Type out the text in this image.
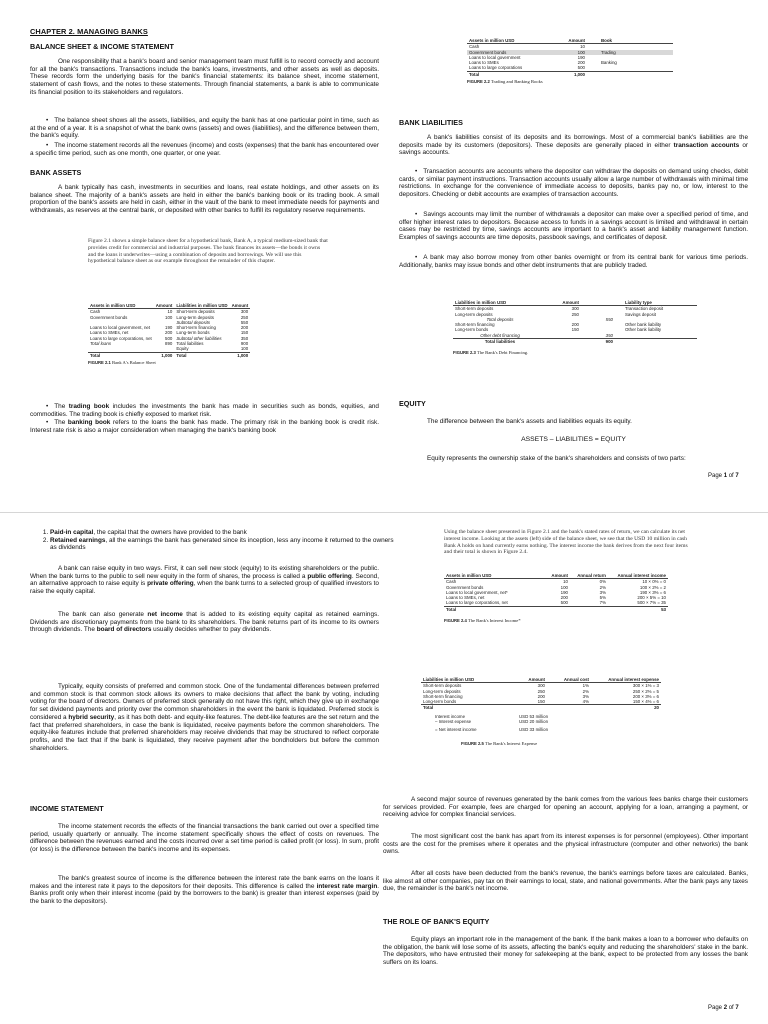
CHAPTER 2. MANAGING BANKS
BALANCE SHEET & INCOME STATEMENT

One responsibility that a bank's board and senior management team must fulfill is to record correctly and account for all the bank's transactions. Transactions include the bank's loans, investments, and other assets as well as deposits. These records form the underlying basis for the bank's financial statements: its balance sheet, income statement, statement of cash flows, and the notes to these statements. Through financial statements, a bank is able to communicate its financial position to its stakeholders and regulators.

• The balance sheet shows all the assets, liabilities, and equity the bank has at one particular point in time, such as at the end of a year. It is a snapshot of what the bank owns (assets) and owes (liabilities), and the difference between them, the bank's equity.

• The income statement records all the revenues (income) and costs (expenses) that the bank has encountered over a specific time period, such as one month, one quarter, or one year.

BANK ASSETS

A bank typically has cash, investments in securities and loans, real estate holdings, and other assets on its balance sheet. The majority of a bank's assets are held in either the bank's banking book or its trading book. A small proportion of the bank's assets are held in cash, either in the vault of the bank to meet immediate needs for payments and withdrawals, as reserves at the central bank, or deposited with other banks to fulfill its regulatory reserve requirements.

Figure 2.1 shows a simple balance sheet for a hypothetical bank, Bank A, a typical medium-sized bank that provides credit for commercial and industrial purposes. The bank finances its assets—the bonds it owns and the loans it underwrites—using a combination of deposits and borrowings. We will use this hypothetical balance sheet as our example throughout the remainder of this chapter.

Assets in million USD	Amount	Liabilities in million USD	Amount
Cash	10	Short-term deposits	300
Government bonds	100	Long-term deposits	250
		Subtotal deposits	550
Loans to local government, net	190	Short-term financing	200
Loans to SMEs, net	200	Long-term bonds	150
Loans to large corporations, net	500	Subtotal other liabilities	350
Total loans	890	Total liabilities	900
		Equity	100
Total	1,000	Total	1,000
FIGURE 2.1 Bank A's Balance Sheet

• The trading book includes the investments the bank has made in securities such as bonds, equities, and commodities. The trading book is chiefly exposed to market risk.

• The banking book refers to the loans the bank has made. The primary risk in the banking book is credit risk. Interest rate risk is also a major consideration when managing the bank's banking book

Assets in million USD	Amount	Book
Cash	10	
Government bonds	100	Trading
Loans to local government	190	
Loans to SMEs	200	Banking
Loans to large corporations	500	
Total	1,000	
FIGURE 2.2 Trading and Banking Books
BANK LIABILITIES

A bank's liabilities consist of its deposits and its borrowings. Most of a commercial bank's liabilities are the deposits made by its customers (depositors). These deposits are generally placed in either transaction accounts or savings accounts.

• Transaction accounts are accounts where the depositor can withdraw the deposits on demand using checks, debit cards, or similar payment instructions. Transaction accounts usually allow a large number of withdrawals with minimal time restrictions. In exchange for the convenience of immediate access to deposits, banks pay no, or low, interest to the depositors. Checking or debit accounts are examples of transaction accounts.

• Savings accounts may limit the number of withdrawals a depositor can make over a specified period of time, and offer higher interest rates to depositors. Because access to funds in a savings account is limited and withdrawal in certain cases may be restricted by time, savings accounts are important to a bank's asset and liability management function. Examples of savings accounts are time deposits, passbook savings, and certificates of deposit.

• A bank may also borrow money from other banks overnight or from its central bank for various time periods. Additionally, banks may issue bonds and other debt instruments that are publicly traded.

Liabilities in million USD	Amount		Liability type
Short-term deposits	300		Transaction deposit
Long-term deposits	250		Savings deposit
Total deposits		550	
Short-term financing	200		Other bank liability
Long-term bonds	150		Other bank liability
Other debt financing		350	
Total liabilities		900	
FIGURE 2.3 The Bank's Debt Financing.
EQUITY

The difference between the bank's assets and liabilities equals its equity.

ASSETS – LIABILITIES = EQUITY

Equity represents the ownership stake of the bank's shareholders and consists of two parts:

Page 1 of 7
1. Paid-in capital, the capital that the owners have provided to the bank
2. Retained earnings, all the earnings the bank has generated since its inception, less any income it returned to the owners as dividends

A bank can raise equity in two ways. First, it can sell new stock (equity) to its existing shareholders or the public. When the bank turns to the public to sell new equity in the form of shares, the process is called a public offering. Second, an alternative approach to raise equity is private offering, when the bank turns to a selected group of qualified investors to raise the equity capital.

The bank can also generate net income that is added to its existing equity capital as retained earnings. Dividends are discretionary payments from the bank to its shareholders. The bank returns part of its income to its owners through dividends. The board of directors usually decides whether to pay dividends.

Typically, equity consists of preferred and common stock. One of the fundamental differences between preferred and common stock is that common stock allows its owners to make decisions that affect the bank by voting, including voting for the board of directors. Owners of preferred stock generally do not have this right, which they give up in exchange for set dividend payments and priority over the common shareholders in the event the bank is liquidated. Preferred stock is considered a hybrid security, as it has both debt- and equity-like features. The debt-like features are the set return and the fact that preferred shareholders, in case the bank is liquidated, receive payments before the common shareholders. The equity-like features include that preferred shareholders may receive dividends that may be structured to reflect corporate profits, and the fact that if the bank is liquidated, they receive payment after the bondholders but before the common shareholders.

INCOME STATEMENT

The income statement records the effects of the financial transactions the bank carried out over a specified time period, usually quarterly or annually. The income statement specifically shows the effect of costs on revenues. The difference between the revenues earned and the costs incurred over a set time period is called profit (or loss). In sum, profit (or loss) is the difference between the bank's income and its expenses.

The bank's greatest source of income is the difference between the interest rate the bank earns on the loans it makes and the interest rate it pays to the depositors for their deposits. This difference is called the interest rate margin. Banks profit only when their interest income (paid by the borrowers to the bank) is greater than interest expenses (paid by the bank to the depositors).

Using the balance sheet presented in Figure 2.1 and the bank's stated rates of return, we can calculate its net interest income. Looking at the assets (left) side of the balance sheet, we see that the USD 10 million in cash Bank A holds on hand currently earns nothing. The interest income the bank derives from the next four items and their total is shown in Figure 2.4.

Assets in million USD	Amount	Annual return	Annual interest income
Cash	10	0%	10 × 0% = 0
Government bonds	100	2%	100 × 2% = 2
Loans to local government, net*	190	3%	190 × 3% = 6
Loans to SMEs, net	200	5%	200 × 5% = 10
Loans to large corporations, net	500	7%	500 × 7% = 35
Total			53
FIGURE 2.4 The Bank's Interest Income*
Liabilities in million USD	Amount	Annual cost	Annual interest expense
Short-term deposits	300	1%	300 × 1% = 3
Long-term deposits	250	2%	250 × 2% = 5
Short-term financing	200	3%	200 × 3% = 6
Long-term bonds	150	4%	150 × 4% = 6
Total			20
Interest income	USD 53 million		
– Interest expense	USD 20 million		
= Net interest income	USD 33 million		
FIGURE 2.5 The Bank's Interest Expense

A second major source of revenues generated by the bank comes from the various fees banks charge their customers for services provided. For example, fees are charged for opening an account, applying for a loan, arranging a payment, or receiving advice for complex financial services.

The most significant cost the bank has apart from its interest expenses is for personnel (employees). Other important costs are the cost for the premises where it operates and the physical infrastructure (computer and other networks) the bank owns.

After all costs have been deducted from the bank's revenue, the bank's earnings before taxes are calculated. Banks, like almost all other companies, pay tax on their earnings to local, state, and national governments. After the bank pays any taxes due, the remainder is the bank's net income.

THE ROLE OF BANK'S EQUITY

Equity plays an important role in the management of the bank. If the bank makes a loan to a borrower who defaults on the obligation, the bank will lose some of its assets, affecting the bank's equity and reducing the shareholders' stake in the bank. The depositors, who have entrusted their money for safekeeping at the bank, expect to be protected from any losses the bank suffers on its loans.

Page 2 of 7
